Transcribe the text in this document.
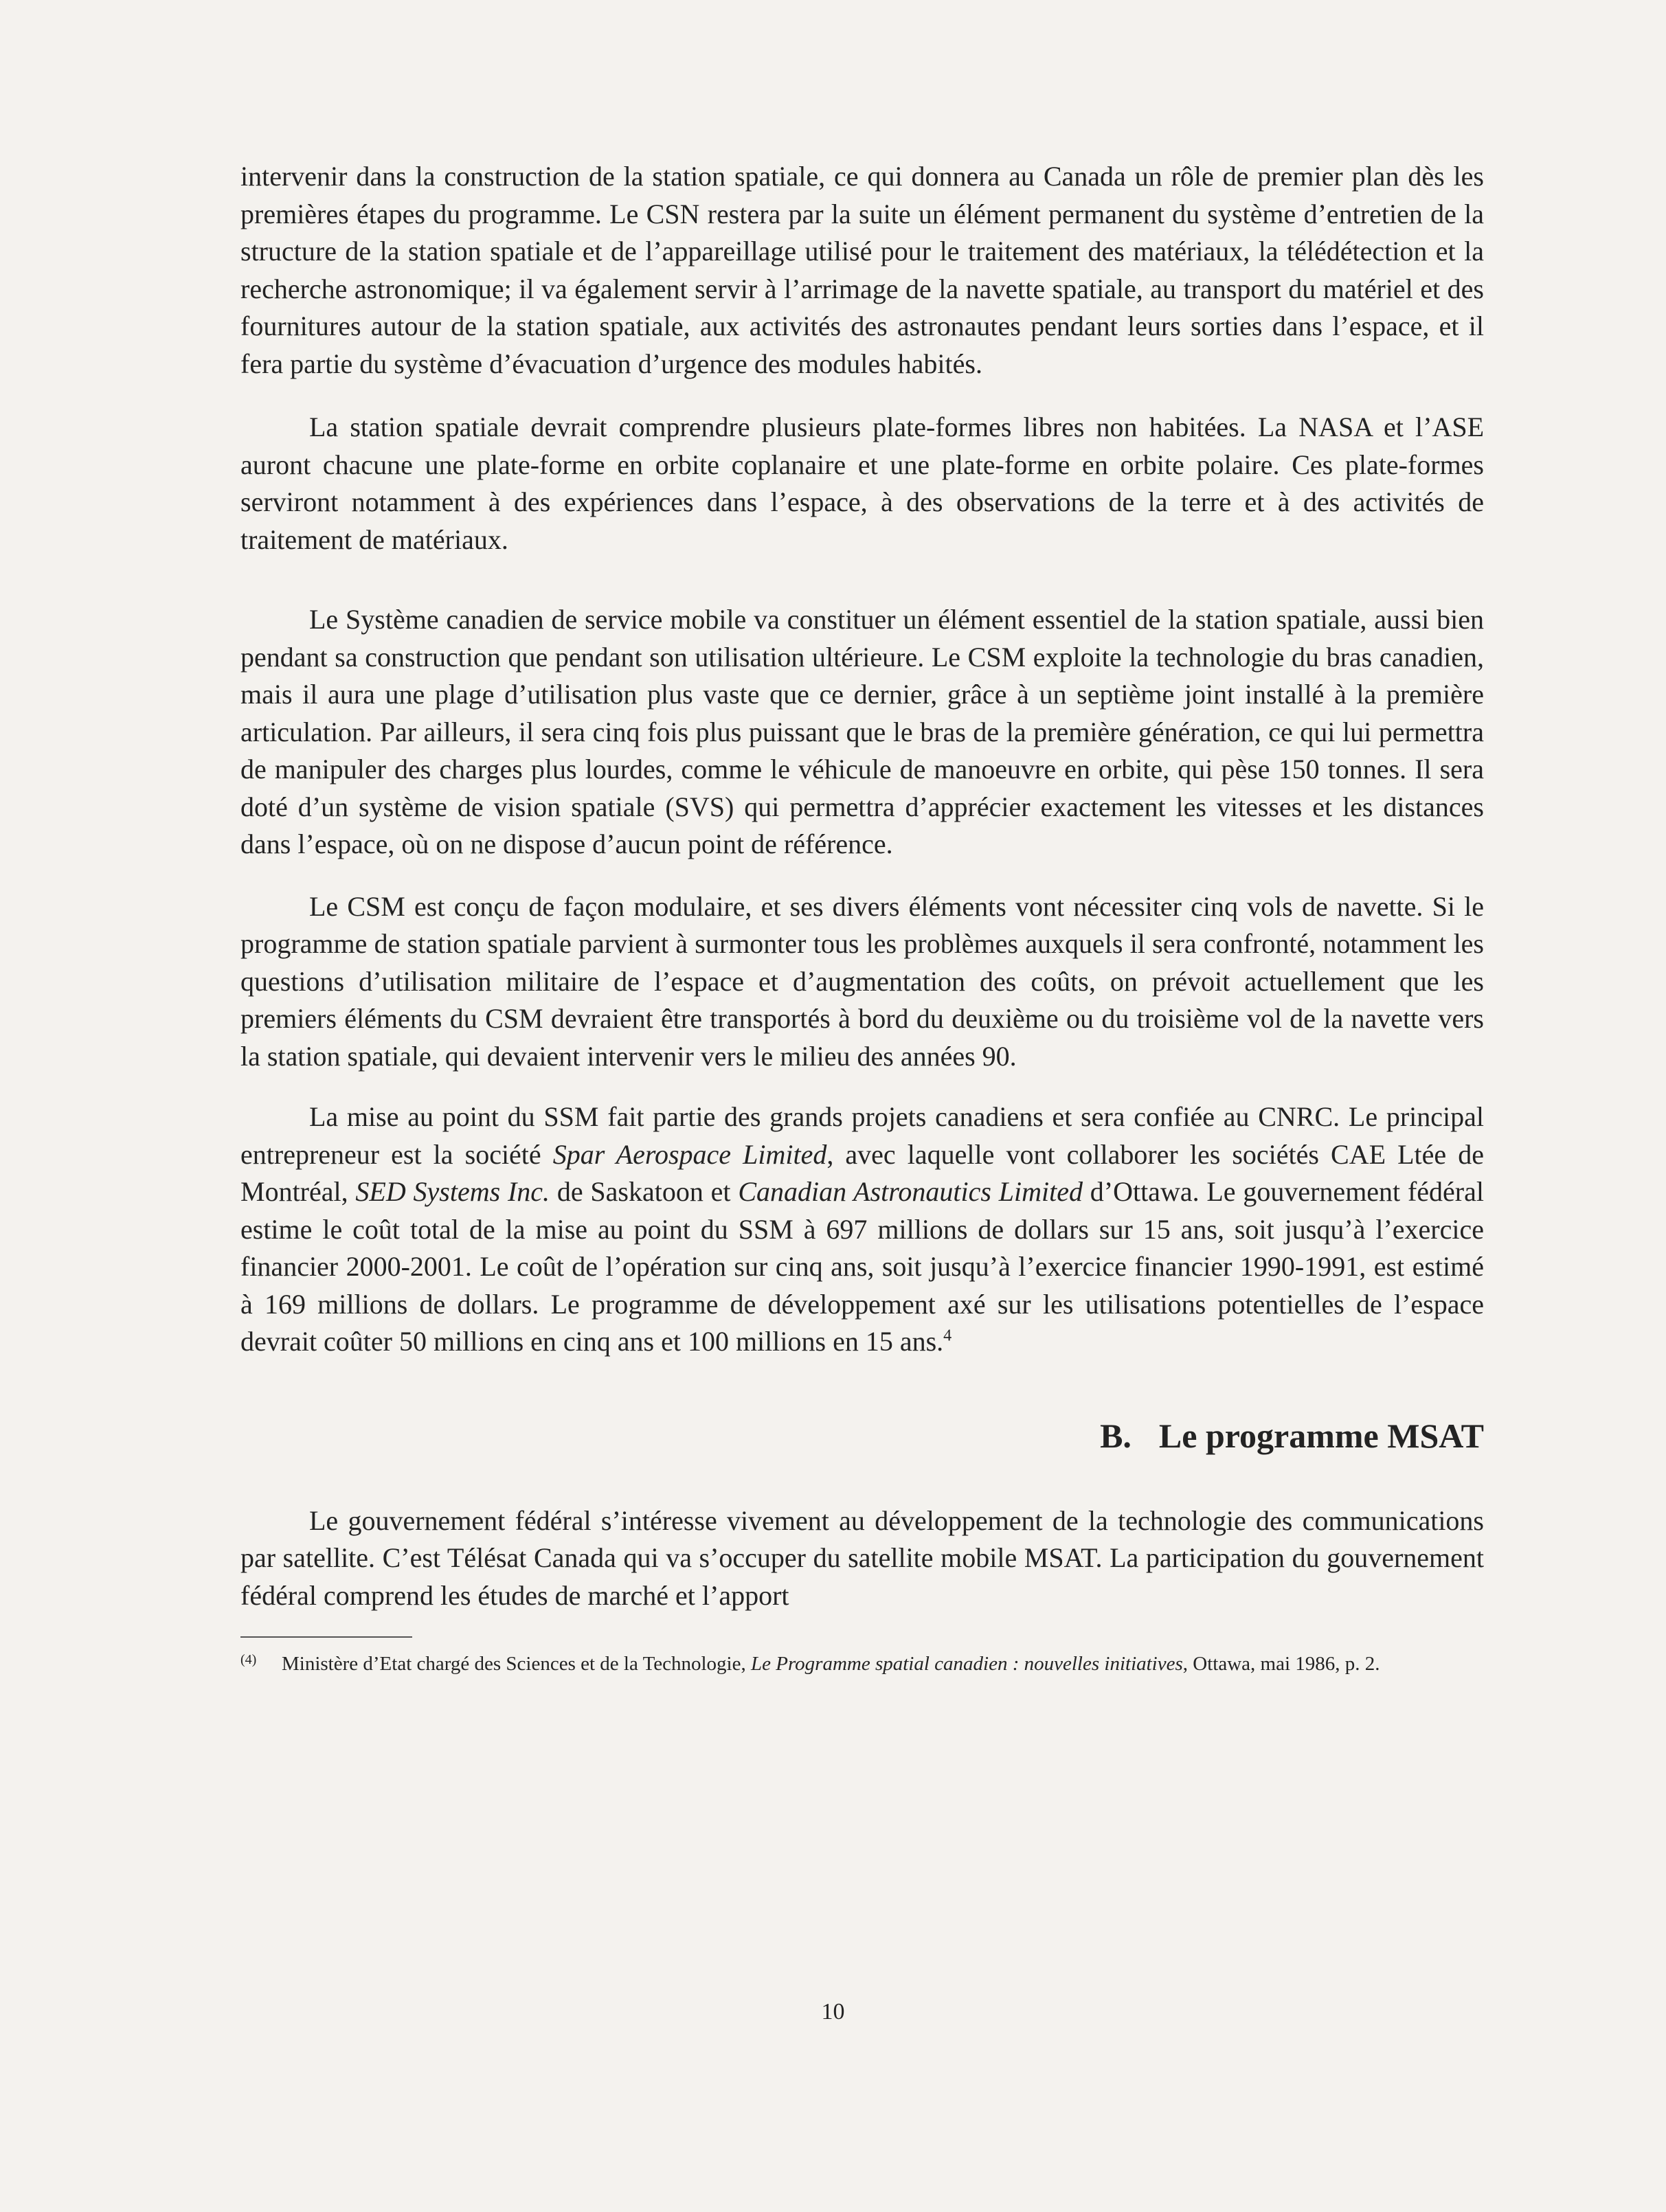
intervenir dans la construction de la station spatiale, ce qui donnera au Canada un rôle de premier plan dès les premières étapes du programme. Le CSN restera par la suite un élément permanent du système d’entretien de la structure de la station spatiale et de l’appareillage utilisé pour le traitement des matériaux, la télédétection et la recherche astronomique; il va également servir à l’arrimage de la navette spatiale, au transport du matériel et des fournitures autour de la station spatiale, aux activités des astronautes pendant leurs sorties dans l’espace, et il fera partie du système d’évacuation d’urgence des modules habités.

La station spatiale devrait comprendre plusieurs plate-formes libres non habitées. La NASA et l’ASE auront chacune une plate-forme en orbite coplanaire et une plate-forme en orbite polaire. Ces plate-formes serviront notamment à des expériences dans l’espace, à des observations de la terre et à des activités de traitement de matériaux.

Le Système canadien de service mobile va constituer un élément essentiel de la station spatiale, aussi bien pendant sa construction que pendant son utilisation ultérieure. Le CSM exploite la technologie du bras canadien, mais il aura une plage d’utilisation plus vaste que ce dernier, grâce à un septième joint installé à la première articulation. Par ailleurs, il sera cinq fois plus puissant que le bras de la première génération, ce qui lui permettra de manipuler des charges plus lourdes, comme le véhicule de manoeuvre en orbite, qui pèse 150 tonnes. Il sera doté d’un système de vision spatiale (SVS) qui permettra d’apprécier exactement les vitesses et les distances dans l’espace, où on ne dispose d’aucun point de référence.

Le CSM est conçu de façon modulaire, et ses divers éléments vont nécessiter cinq vols de navette. Si le programme de station spatiale parvient à surmonter tous les problèmes auxquels il sera confronté, notamment les questions d’utilisation militaire de l’espace et d’augmentation des coûts, on prévoit actuellement que les premiers éléments du CSM devraient être transportés à bord du deuxième ou du troisième vol de la navette vers la station spatiale, qui devaient intervenir vers le milieu des années 90.

La mise au point du SSM fait partie des grands projets canadiens et sera confiée au CNRC. Le principal entrepreneur est la société Spar Aerospace Limited, avec laquelle vont collaborer les sociétés CAE Ltée de Montréal, SED Systems Inc. de Saskatoon et Canadian Astronautics Limited d’Ottawa. Le gouvernement fédéral estime le coût total de la mise au point du SSM à 697 millions de dollars sur 15 ans, soit jusqu’à l’exercice financier 2000-2001. Le coût de l’opération sur cinq ans, soit jusqu’à l’exercice financier 1990-1991, est estimé à 169 millions de dollars. Le programme de développement axé sur les utilisations potentielles de l’espace devrait coûter 50 millions en cinq ans et 100 millions en 15 ans.$^4$

B. Le programme MSAT

Le gouvernement fédéral s’intéresse vivement au développement de la technologie des communications par satellite. C’est Télésat Canada qui va s’occuper du satellite mobile MSAT. La participation du gouvernement fédéral comprend les études de marché et l’apport

(4) Ministère d’Etat chargé des Sciences et de la Technologie, Le Programme spatial canadien : nouvelles initiatives, Ottawa, mai 1986, p. 2.

10
